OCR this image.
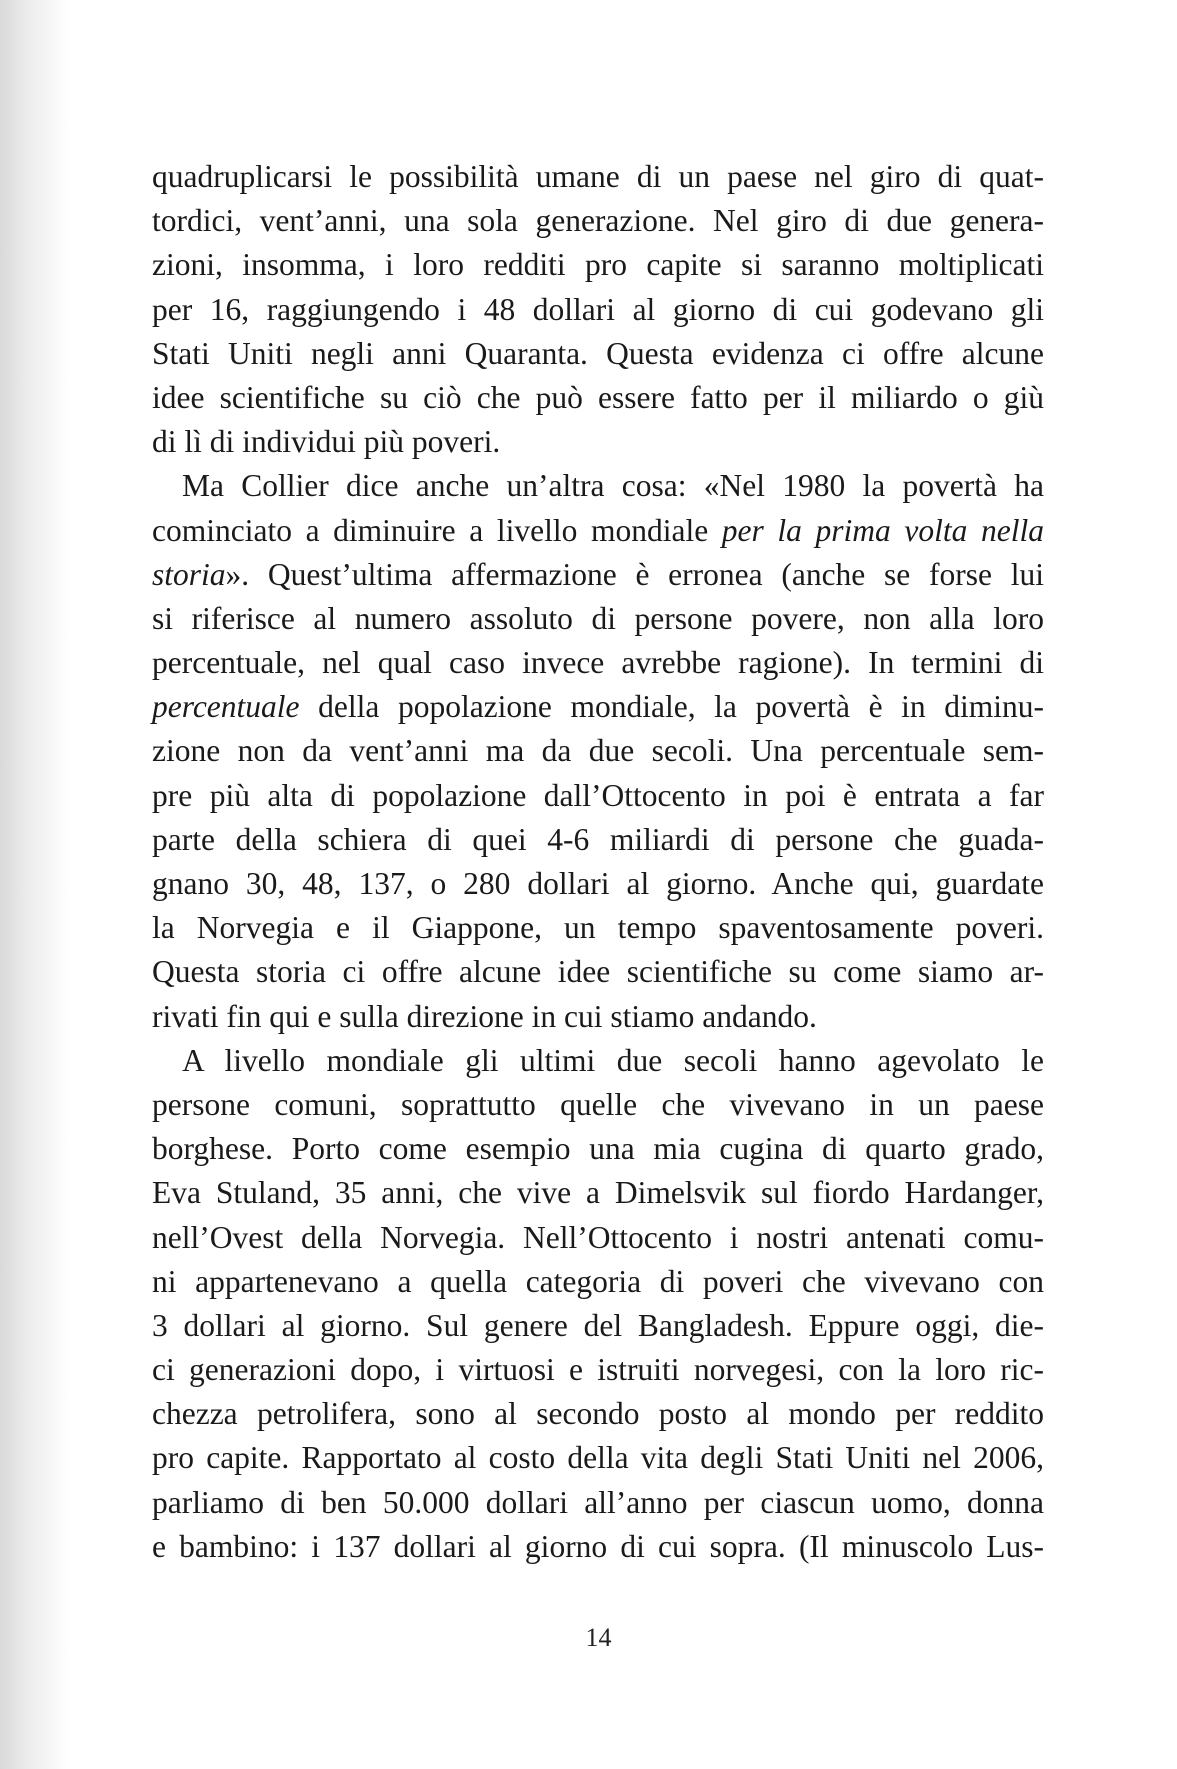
quadruplicarsi le possibilità umane di un paese nel giro di quat-
tordici, vent’anni, una sola generazione. Nel giro di due genera-
zioni, insomma, i loro redditi pro capite si saranno moltiplicati
per 16, raggiungendo i 48 dollari al giorno di cui godevano gli
Stati Uniti negli anni Quaranta. Questa evidenza ci offre alcune
idee scientifiche su ciò che può essere fatto per il miliardo o giù
di lì di individui più poveri.
Ma Collier dice anche un’altra cosa: «Nel 1980 la povertà ha
cominciato a diminuire a livello mondiale per la prima volta nella
storia». Quest’ultima affermazione è erronea (anche se forse lui
si riferisce al numero assoluto di persone povere, non alla loro
percentuale, nel qual caso invece avrebbe ragione). In termini di
percentuale della popolazione mondiale, la povertà è in diminu-
zione non da vent’anni ma da due secoli. Una percentuale sem-
pre più alta di popolazione dall’Ottocento in poi è entrata a far
parte della schiera di quei 4-6 miliardi di persone che guada-
gnano 30, 48, 137, o 280 dollari al giorno. Anche qui, guardate
la Norvegia e il Giappone, un tempo spaventosamente poveri.
Questa storia ci offre alcune idee scientifiche su come siamo ar-
rivati fin qui e sulla direzione in cui stiamo andando.
A livello mondiale gli ultimi due secoli hanno agevolato le
persone comuni, soprattutto quelle che vivevano in un paese
borghese. Porto come esempio una mia cugina di quarto grado,
Eva Stuland, 35 anni, che vive a Dimelsvik sul fiordo Hardanger,
nell’Ovest della Norvegia. Nell’Ottocento i nostri antenati comu-
ni appartenevano a quella categoria di poveri che vivevano con
3 dollari al giorno. Sul genere del Bangladesh. Eppure oggi, die-
ci generazioni dopo, i virtuosi e istruiti norvegesi, con la loro ric-
chezza petrolifera, sono al secondo posto al mondo per reddito
pro capite. Rapportato al costo della vita degli Stati Uniti nel 2006,
parliamo di ben 50.000 dollari all’anno per ciascun uomo, donna
e bambino: i 137 dollari al giorno di cui sopra. (Il minuscolo Lus-
14
